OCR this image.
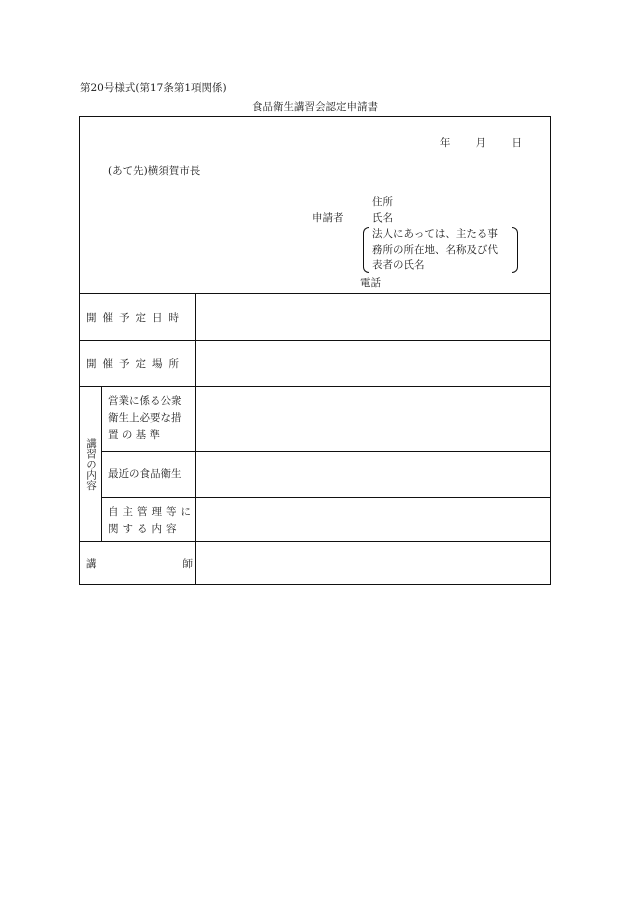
第20号様式(第17条第1項関係)
食品衛生講習会認定申請書
年 月 日
(あて先)横須賀市長
住所
申請者	氏名
法人にあっては、主たる事
務所の所在地、名称及び代
表者の氏名
電話
開催予定日時
開催予定場所
講習の内容
営業に係る公衆
衛生上必要な措
置 の 基 準
最近の食品衛生
自主管理等に
関する内容
講	師
